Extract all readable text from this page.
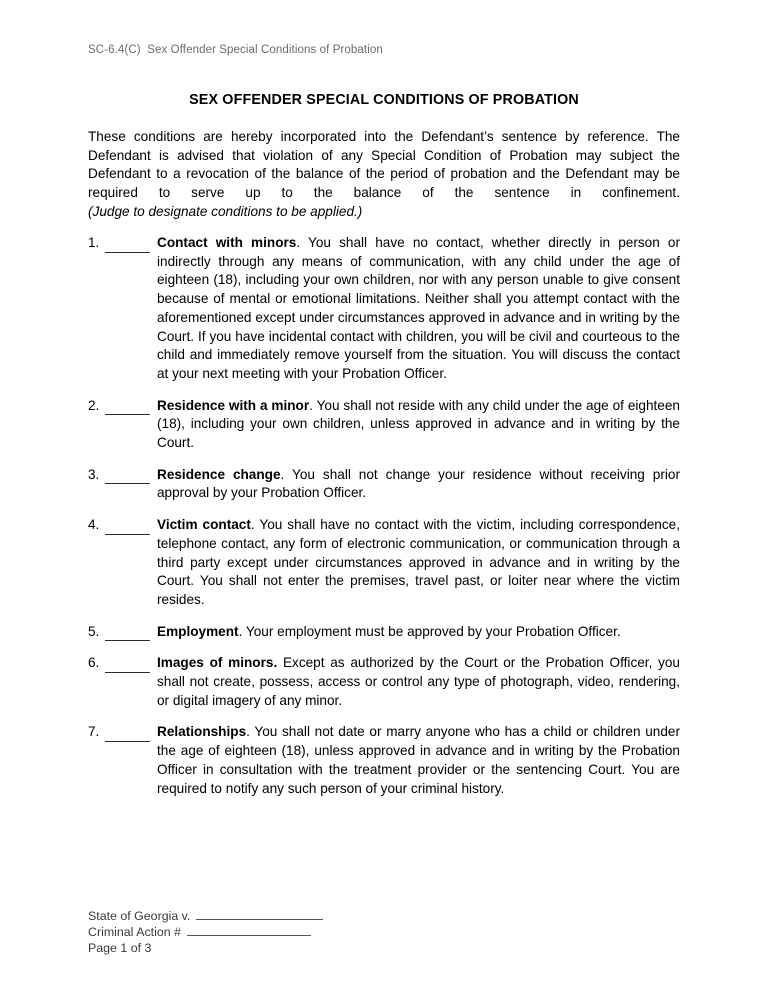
SC-6.4(C)  Sex Offender Special Conditions of Probation
SEX OFFENDER SPECIAL CONDITIONS OF PROBATION

These conditions are hereby incorporated into the Defendant’s sentence by reference. The Defendant is advised that violation of any Special Condition of Probation may subject the Defendant to a revocation of the balance of the period of probation and the Defendant may be required to serve up to the balance of the sentence in confinement.

(Judge to designate conditions to be applied.)

1.	Contact with minors. You shall have no contact, whether directly in person or indirectly through any means of communication, with any child under the age of eighteen (18), including your own children, nor with any person unable to give consent because of mental or emotional limitations. Neither shall you attempt contact with the aforementioned except under circumstances approved in advance and in writing by the Court. If you have incidental contact with children, you will be civil and courteous to the child and immediately remove yourself from the situation. You will discuss the contact at your next meeting with your Probation Officer.
2.	Residence with a minor. You shall not reside with any child under the age of eighteen (18), including your own children, unless approved in advance and in writing by the Court.
3.	Residence change. You shall not change your residence without receiving prior approval by your Probation Officer.
4.	Victim contact. You shall have no contact with the victim, including correspondence, telephone contact, any form of electronic communication, or communication through a third party except under circumstances approved in advance and in writing by the Court. You shall not enter the premises, travel past, or loiter near where the victim resides.
5.	Employment. Your employment must be approved by your Probation Officer.
6.	Images of minors. Except as authorized by the Court or the Probation Officer, you shall not create, possess, access or control any type of photograph, video, rendering, or digital imagery of any minor.
7.	Relationships. You shall not date or marry anyone who has a child or children under the age of eighteen (18), unless approved in advance and in writing by the Probation Officer in consultation with the treatment provider or the sentencing Court. You are required to notify any such person of your criminal history.
State of Georgia v.
Criminal Action #
Page 1 of 3
